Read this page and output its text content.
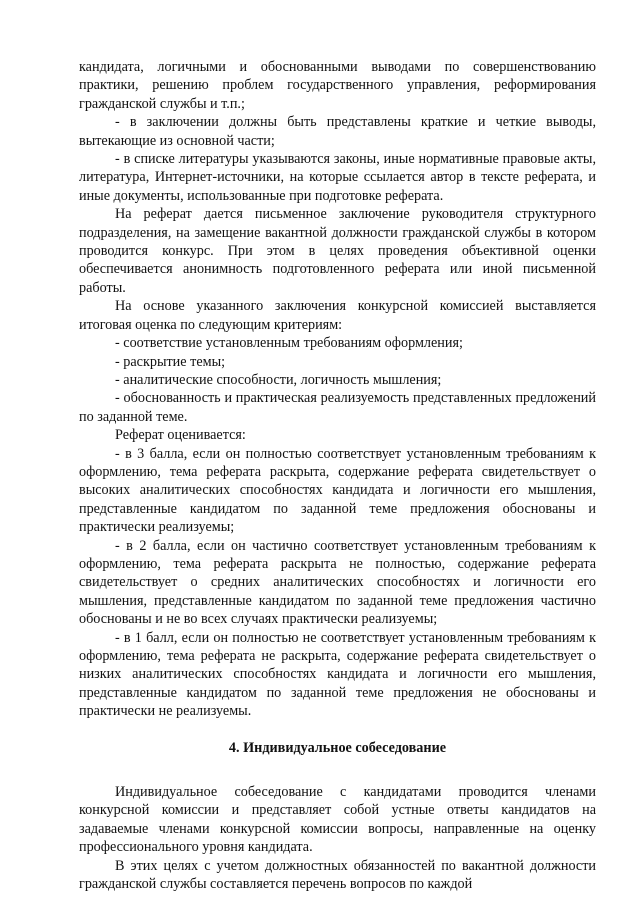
кандидата, логичными и обоснованными выводами по совершенствованию практики, решению проблем государственного управления, реформирования гражданской службы и т.п.;

- в заключении должны быть представлены краткие и четкие выводы, вытекающие из основной части;

- в списке литературы указываются законы, иные нормативные правовые акты, литература, Интернет-источники, на которые ссылается автор в тексте реферата, и иные документы, использованные при подготовке реферата.

На реферат дается письменное заключение руководителя структурного подразделения, на замещение вакантной должности гражданской службы в котором проводится конкурс. При этом в целях проведения объективной оценки обеспечивается анонимность подготовленного реферата или иной письменной работы.

На основе указанного заключения конкурсной комиссией выставляется итоговая оценка по следующим критериям:

- соответствие установленным требованиям оформления;

- раскрытие темы;

- аналитические способности, логичность мышления;

- обоснованность и практическая реализуемость представленных предложений по заданной теме.

Реферат оценивается:

- в 3 балла, если он полностью соответствует установленным требованиям к оформлению, тема реферата раскрыта, содержание реферата свидетельствует о высоких аналитических способностях кандидата и логичности его мышления, представленные кандидатом по заданной теме предложения обоснованы и практически реализуемы;

- в 2 балла, если он частично соответствует установленным требованиям к оформлению, тема реферата раскрыта не полностью, содержание реферата свидетельствует о средних аналитических способностях и логичности его мышления, представленные кандидатом по заданной теме предложения частично обоснованы и не во всех случаях практически реализуемы;

- в 1 балл, если он полностью не соответствует установленным требованиям к оформлению, тема реферата не раскрыта, содержание реферата свидетельствует о низких аналитических способностях кандидата и логичности его мышления, представленные кандидатом по заданной теме предложения не обоснованы и практически не реализуемы.

4. Индивидуальное собеседование

Индивидуальное собеседование с кандидатами проводится членами конкурсной комиссии и представляет собой устные ответы кандидатов на задаваемые членами конкурсной комиссии вопросы, направленные на оценку профессионального уровня кандидата.

В этих целях с учетом должностных обязанностей по вакантной должности гражданской службы составляется перечень вопросов по каждой
